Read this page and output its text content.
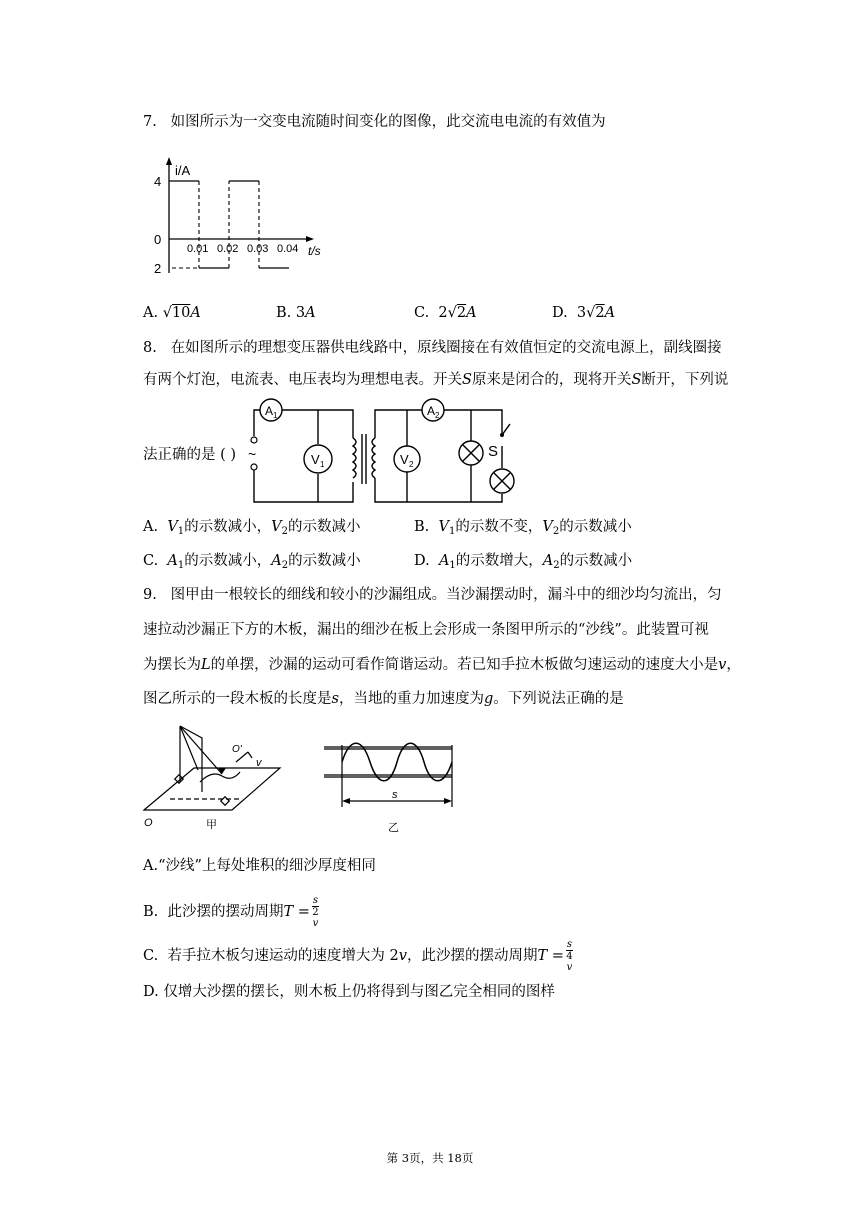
7. 如图所示为一交变电流随时间变化的图像，此交流电电流的有效值为
i/A
t/s
4
0
2
0.01 0.02 0.03 0.04
A. √10A	B. 3A	C.  2√2A	D.  3√2A
8. 在如图所示的理想变压器供电线路中，原线圈接在有效值恒定的交流电源上，副线圈接
有两个灯泡，电流表、电压表均为理想电表。开关S原来是闭合的，现将开关S断开，下列说
法正确的是 ( ) ~
A 1
V 1
A 2
V 2
S
A.  $V_1$的示数减小，$V_2$的示数减小	B.  $V_1$的示数不变，$V_2$的示数减小
C.  $A_1$的示数减小，$A_2$的示数减小	D.  $A_1$的示数增大，$A_2$的示数减小
9. 图甲由一根较长的细线和较小的沙漏组成。当沙漏摆动时，漏斗中的细沙均匀流出，匀
速拉动沙漏正下方的木板，漏出的细沙在板上会形成一条图甲所示的“沙线”。此装置可视
为摆长为L的单摆，沙漏的运动可看作简谐运动。若已知手拉木板做匀速运动的速度大小是v，
图乙所示的一段木板的长度是s，当地的重力加速度为g。下列说法正确的是
O
O'
v
甲
s
乙
A.“沙线”上每处堆积的细沙厚度相同
B.  此沙摆的摆动周期T = s
2
v
C.  若手拉木板匀速运动的速度增大为 2v，此沙摆的摆动周期T = s
4
v
D. 仅增大沙摆的摆长，则木板上仍将得到与图乙完全相同的图样
第 3页，共 18页
